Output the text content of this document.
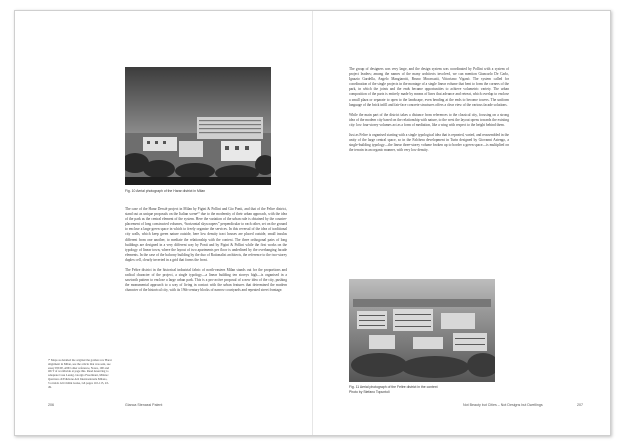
Fig. 10 Aerial photograph of the Harar district in Milan

The case of the Harar Dessiè project in Milan by Figini & Pollini and Gio Ponti, and that of the Feltre district, stand out as unique proposals on the Italian scene¹⁰ due to the modernity of their urban approach, with the idea of the park as the central element of the system. Here the variation of the urban rule is obtained by the counter-placement of long constructed volumes, “horizontal skyscrapers” perpendicular to each other, set on the ground to enclose a large green space in which to freely organise the services. In this reversal of the idea of traditional city walls, which keep green nature outside, here low density tract houses are placed outside, small insulas different from one another, to mediate the relationship with the context. The three orthogonal pairs of long buildings are designed in a very different way by Ponti and by Figini & Pollini while the first works on the typology of linear town, where the layout of two apartments per floor is underlined by the overhanging facade elements. In the case of the balcony building by the duo of Rationalist architects, the reference to the two-storey duplex cell, clearly inverted in a grid that forms the front.

The Feltre district in the historical industrial fabric of north-eastern Milan stands out for the proportions and radical character of the project, a single typology—a linear building ten storeys high—is organised in a sawtooth pattern to enclose a large urban park. This is a pro-active proposal of a new idea of the city, pushing the monumental approach to a way of living in contact with the urban features that determined the modern character of the historical city, with its 19th-century blocks of narrow courtyards and repeated street frontage.

¹⁰ Maps as detailed the original the golden row Harar alignment in Milan, see the article that was sent, see essay INCIP, AND other reference, Notes, 190 and OUT of worldwide at page this. Read deserving to adequate Casa Lessig. Giorgio Fasolinani, Milano: Quarrano di Edizione Arti Internazionale Milano, 'Corraldo Gli Ordini Guise, G6 pages 110-115, 43-49.
206	Gianca Stenassi Palent

The group of designers was very large, and the design system was coordinated by Pollini with a system of project leaders; among the names of the many architects involved, we can mention Giancarlo De Carlo, Ignazio Gardella, Angelo Mangiarotti, Bruno Morassutti, Vittoriano Viganò. The system called for coordination of the single projects in the montage of a single linear volume that bent to form the corners of the park, in which the joints and the ends became opportunities to achieve volumetric variety. The urban composition of the parts is entirely made by means of lines that advance and retreat, which overlap to enclose a small plaza or separate to open to the landscape, even bending at the ends to become towers. The uniform language of the brick infill and fair-face concrete structures offers a clear view of the various facade solutions.

While the main part of the district takes a distance from references to the classical city, focusing on a strong idea of the modern city based on the relationship with nature, to the west the layout opens towards the existing city: low four-storey volumes act as a form of mediation, like a wing with respect to the height behind them.

Just as Feltre is organised starting with a single typological idea that is repeated, varied, and reassembled in the unity of the large central space, so in the Falchera development in Turin designed by Giovanni Astengo, a single-building typology—the linear three-storey volume broken up to border a green space—is multiplied on the terrain in an organic manner, with very low density.

Fig. 11 Aerial photograph of the Feltre district in the context
Photo by Stefano Topuntoli
Not Beauty but Cities – Not Designs but Dwellings	207
